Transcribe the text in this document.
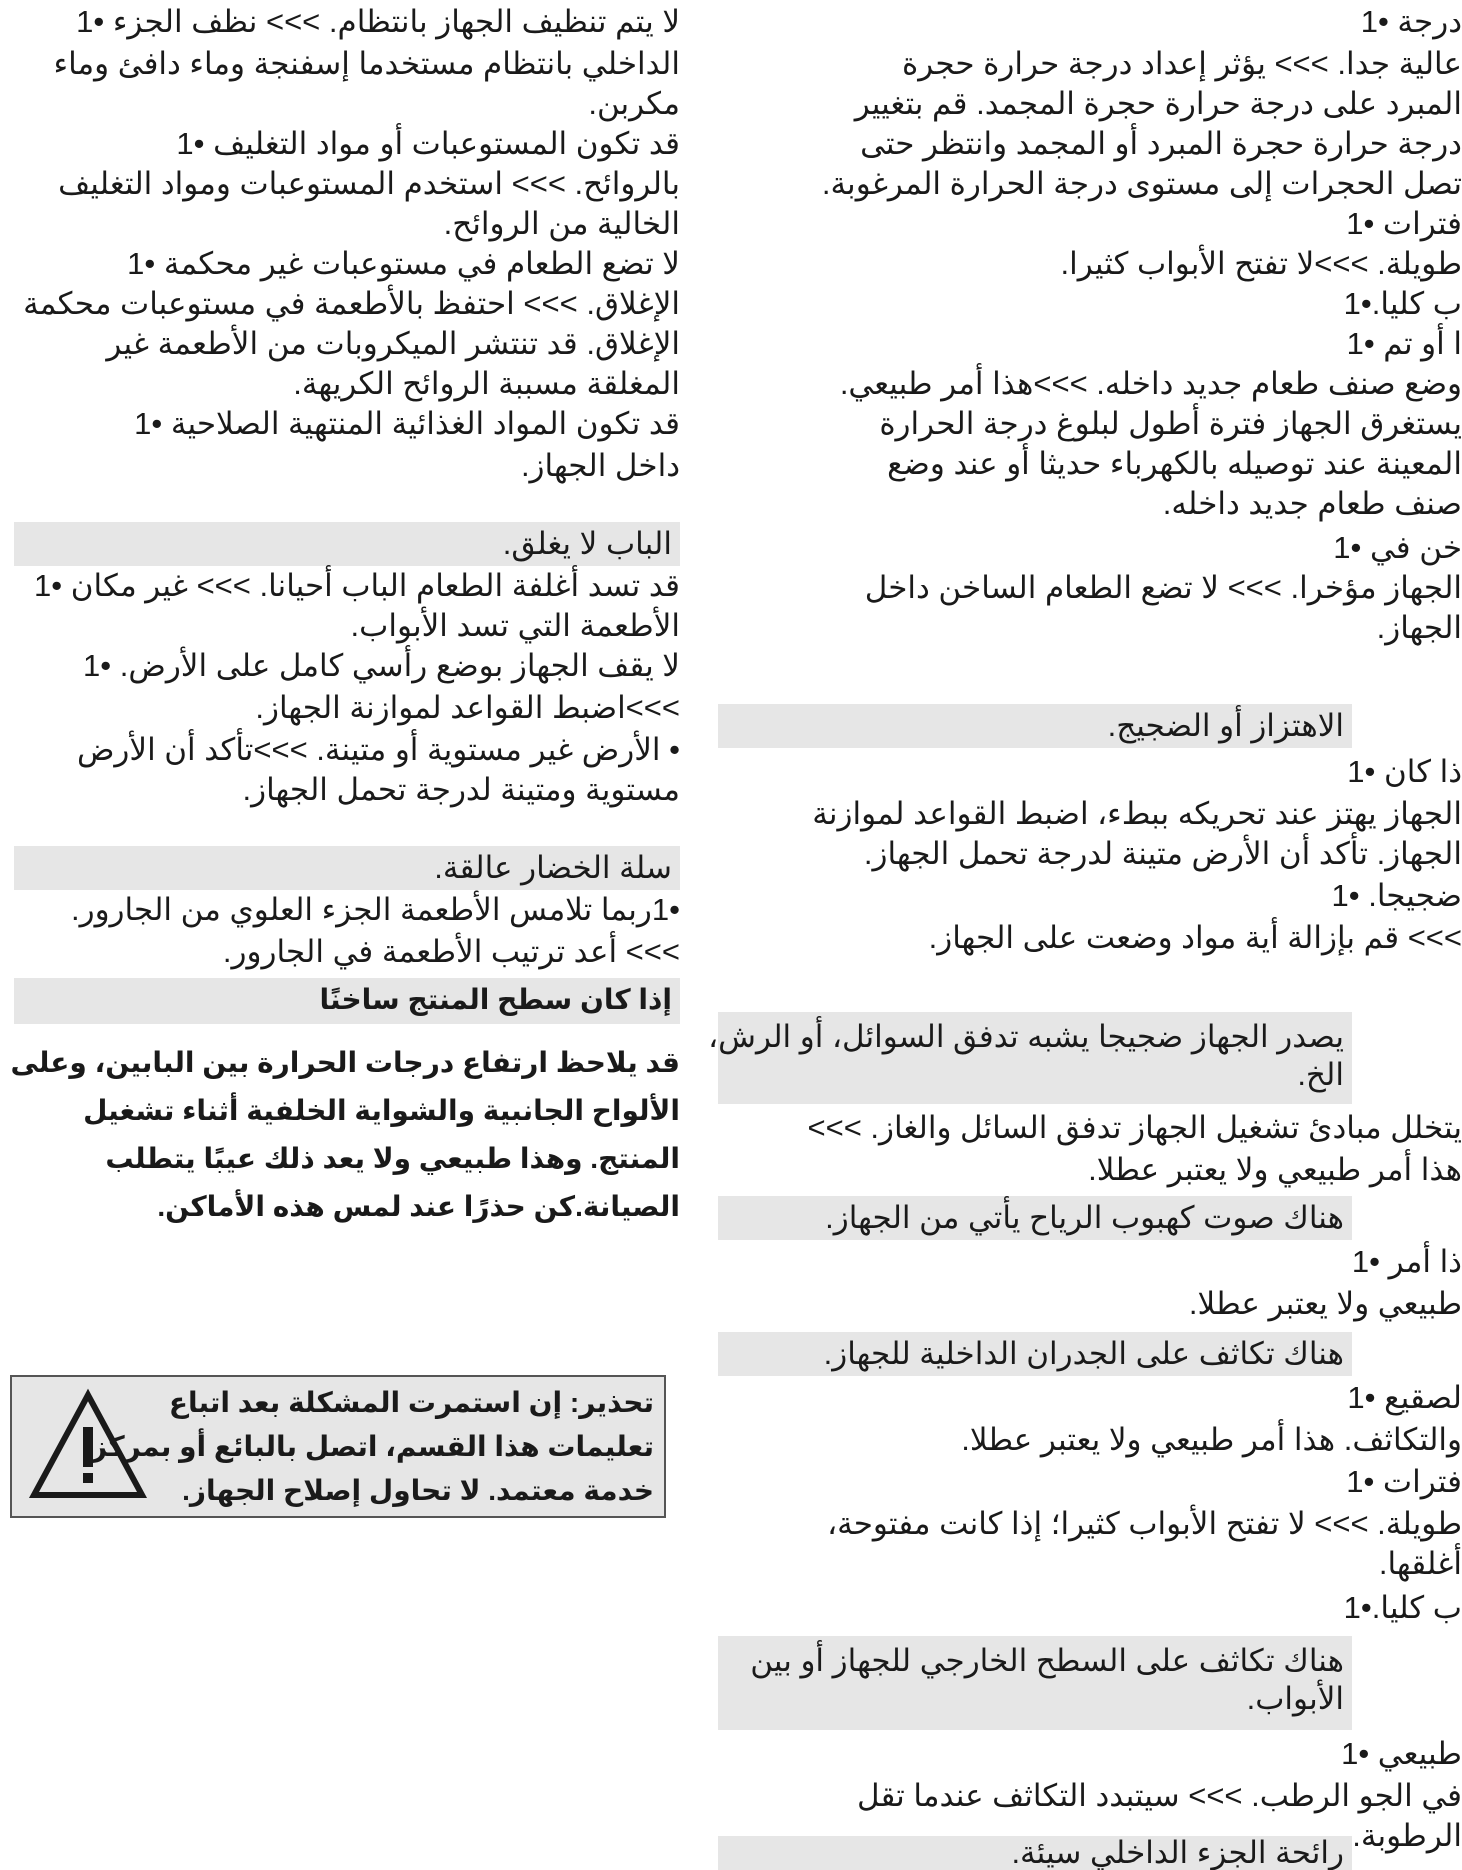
لا يتم تنظيف الجهاز بانتظام. >>> نظف الجزء •1
الداخلي بانتظام مستخدما إسفنجة وماء دافئ وماء
مكربن.
قد تكون المستوعبات أو مواد التغليف •1
بالروائح. >>> استخدم المستوعبات ومواد التغليف
الخالية من الروائح.
لا تضع الطعام في مستوعبات غير محكمة •1
الإغلاق. >>> احتفظ بالأطعمة في مستوعبات محكمة
الإغلاق. قد تنتشر الميكروبات من الأطعمة غير
المغلقة مسببة الروائح الكريهة.
قد تكون المواد الغذائية المنتهية الصلاحية •1
داخل الجهاز.
الباب لا يغلق.
قد تسد أغلفة الطعام الباب أحيانا. >>> غير مكان •1
الأطعمة التي تسد الأبواب.
لا يقف الجهاز بوضع رأسي كامل على الأرض. •1
>>>اضبط القواعد لموازنة الجهاز.
• الأرض غير مستوية أو متينة. >>>تأكد أن الأرض
مستوية ومتينة لدرجة تحمل الجهاز.
سلة الخضار عالقة.
•1ربما تلامس الأطعمة الجزء العلوي من الجارور.
>>> أعد ترتيب الأطعمة في الجارور.
إذا كان سطح المنتج ساخنًا
قد يلاحظ ارتفاع درجات الحرارة بين البابين، وعلى
الألواح الجانبية والشواية الخلفية أثناء تشغيل
المنتج. وهذا طبيعي ولا يعد ذلك عيبًا يتطلب
الصيانة.كن حذرًا عند لمس هذه الأماكن.
تحذير: إن استمرت المشكلة بعد اتباع
تعليمات هذا القسم، اتصل بالبائع أو بمركز
خدمة معتمد. لا تحاول إصلاح الجهاز.
درجة •1
عالية جدا. >>> يؤثر إعداد درجة حرارة حجرة
المبرد على درجة حرارة حجرة المجمد. قم بتغيير
درجة حرارة حجرة المبرد أو المجمد وانتظر حتى
تصل الحجرات إلى مستوى درجة الحرارة المرغوبة.
فترات •1
طويلة. >>>لا تفتح الأبواب كثيرا.
ب كليا.•1
ا أو تم •1
وضع صنف طعام جديد داخله. >>>هذا أمر طبيعي.
يستغرق الجهاز فترة أطول لبلوغ درجة الحرارة
المعينة عند توصيله بالكهرباء حديثا أو عند وضع
صنف طعام جديد داخله.
خن في •1
الجهاز مؤخرا. >>> لا تضع الطعام الساخن داخل
الجهاز.
الاهتزاز أو الضجيج.
ذا كان •1
الجهاز يهتز عند تحريكه ببطء، اضبط القواعد لموازنة
الجهاز. تأكد أن الأرض متينة لدرجة تحمل الجهاز.
ضجيجا. •1
>>> قم بإزالة أية مواد وضعت على الجهاز.
يصدر الجهاز ضجيجا يشبه تدفق السوائل، أو الرش،
الخ.
يتخلل مبادئ تشغيل الجهاز تدفق السائل والغاز. >>>
هذا أمر طبيعي ولا يعتبر عطلا.
هناك صوت كهبوب الرياح يأتي من الجهاز.
ذا أمر •1
طبيعي ولا يعتبر عطلا.
هناك تكاثف على الجدران الداخلية للجهاز.
لصقيع •1
والتكاثف. هذا أمر طبيعي ولا يعتبر عطلا.
فترات •1
طويلة. >>> لا تفتح الأبواب كثيرا؛ إذا كانت مفتوحة،
أغلقها.
ب كليا.•1
هناك تكاثف على السطح الخارجي للجهاز أو بين
الأبواب.
طبيعي •1
في الجو الرطب. >>> سيتبدد التكاثف عندما تقل
الرطوبة.
رائحة الجزء الداخلي سيئة.
